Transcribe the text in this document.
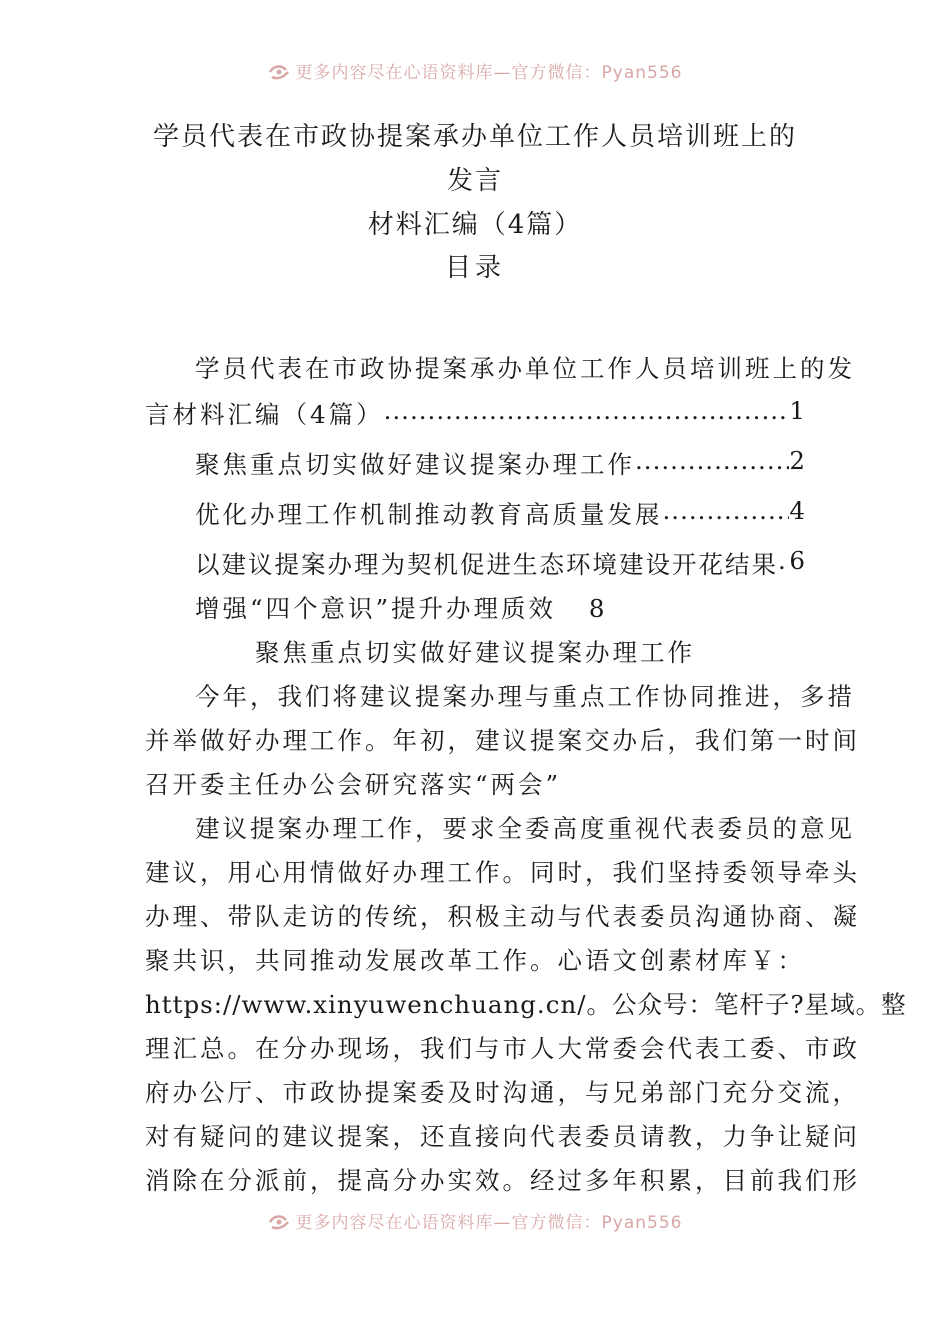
更多内容尽在心语资料库—官方微信：Pyan556
学员代表在市政协提案承办单位工作人员培训班上的发言
材料汇编（4篇）
目录
学员代表在市政协提案承办单位工作人员培训班上的发
言材料汇编（4篇） .....	1
聚焦重点切实做好建议提案办理工作 .....	2
优化办理工作机制推动教育高质量发展 .....	4
以建议提案办理为契机促进生态环境建设开花结果 ..... 6
增强“四个意识”提升办理质效 8
聚焦重点切实做好建议提案办理工作
今年，我们将建议提案办理与重点工作协同推进，多措
并举做好办理工作。年初，建议提案交办后，我们第一时间
召开委主任办公会研究落实“两会”
建议提案办理工作，要求全委高度重视代表委员的意见
建议，用心用情做好办理工作。同时，我们坚持委领导牵头
办理、带队走访的传统，积极主动与代表委员沟通协商、凝
聚共识，共同推动发展改革工作。心语文创素材库￥：
https://www.xinyuwenchuang.cn/。公众号：笔杆子?星域。整
理汇总。在分办现场，我们与市人大常委会代表工委、市政
府办公厅、市政协提案委及时沟通，与兄弟部门充分交流，
对有疑问的建议提案，还直接向代表委员请教，力争让疑问
消除在分派前，提高分办实效。经过多年积累，目前我们形
更多内容尽在心语资料库—官方微信：Pyan556
